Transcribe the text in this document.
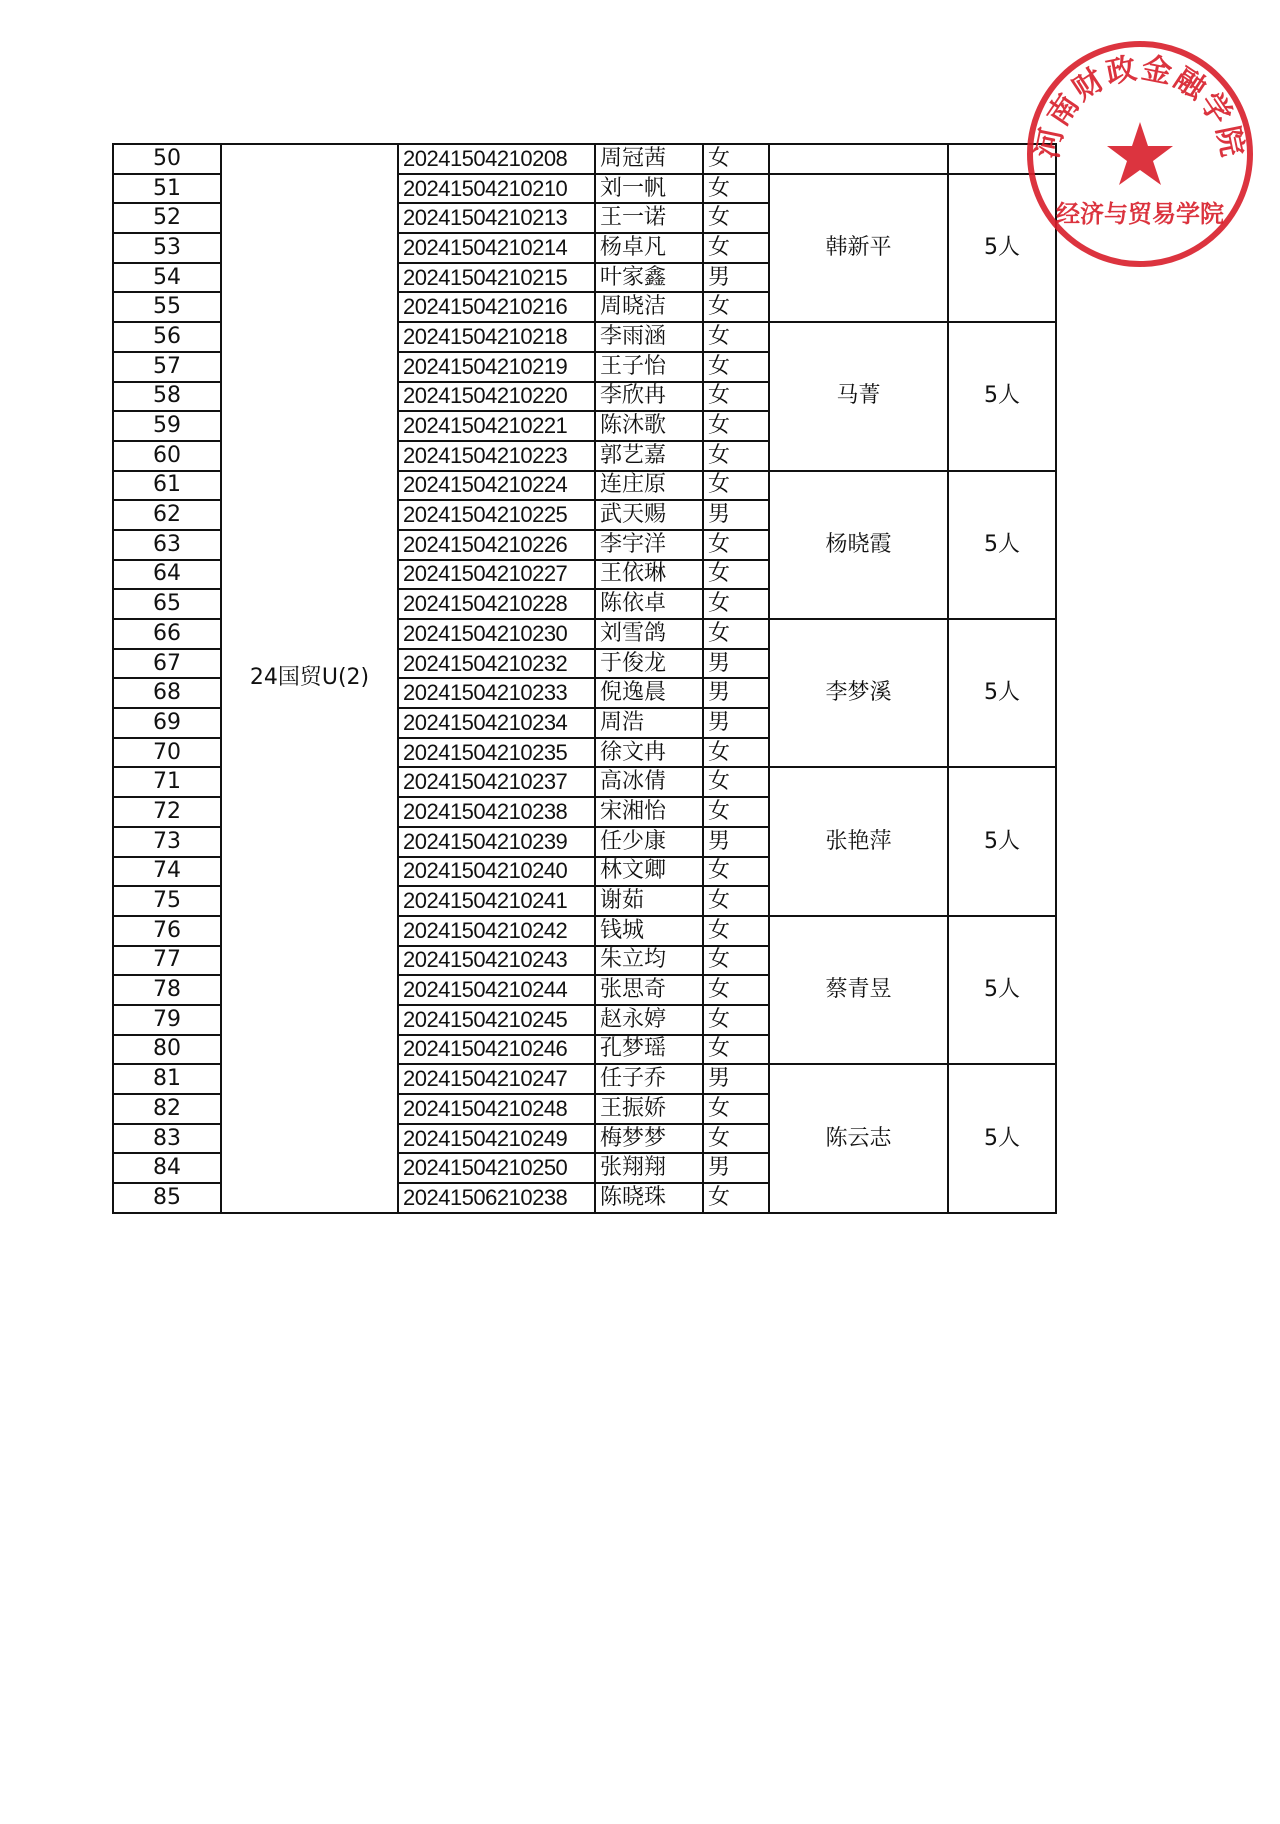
50	24国贸U(2)	20241504210208	周冠茜	女		
51		20241504210210	刘一帆	女	韩新平	5人
52		20241504210213	王一诺	女		
53		20241504210214	杨卓凡	女		
54		20241504210215	叶家鑫	男		
55		20241504210216	周晓洁	女		
56		20241504210218	李雨涵	女	马菁	5人
57		20241504210219	王子怡	女		
58		20241504210220	李欣冉	女		
59		20241504210221	陈沐歌	女		
60		20241504210223	郭艺嘉	女		
61		20241504210224	连庄原	女	杨晓霞	5人
62		20241504210225	武天赐	男		
63		20241504210226	李宇洋	女		
64		20241504210227	王依琳	女		
65		20241504210228	陈依卓	女		
66		20241504210230	刘雪鸽	女	李梦溪	5人
67		20241504210232	于俊龙	男		
68		20241504210233	倪逸晨	男		
69		20241504210234	周浩	男		
70		20241504210235	徐文冉	女		
71		20241504210237	高冰倩	女	张艳萍	5人
72		20241504210238	宋湘怡	女		
73		20241504210239	任少康	男		
74		20241504210240	林文卿	女		
75		20241504210241	谢茹	女		
76		20241504210242	钱城	女	蔡青昱	5人
77		20241504210243	朱立均	女		
78		20241504210244	张思奇	女		
79		20241504210245	赵永婷	女		
80		20241504210246	孔梦瑶	女		
81		20241504210247	任子乔	男	陈云志	5人
82		20241504210248	王振娇	女		
83		20241504210249	梅梦梦	女		
84		20241504210250	张翔翔	男		
85		20241506210238	陈晓珠	女		
河南财政金融学院
经济与贸易学院
